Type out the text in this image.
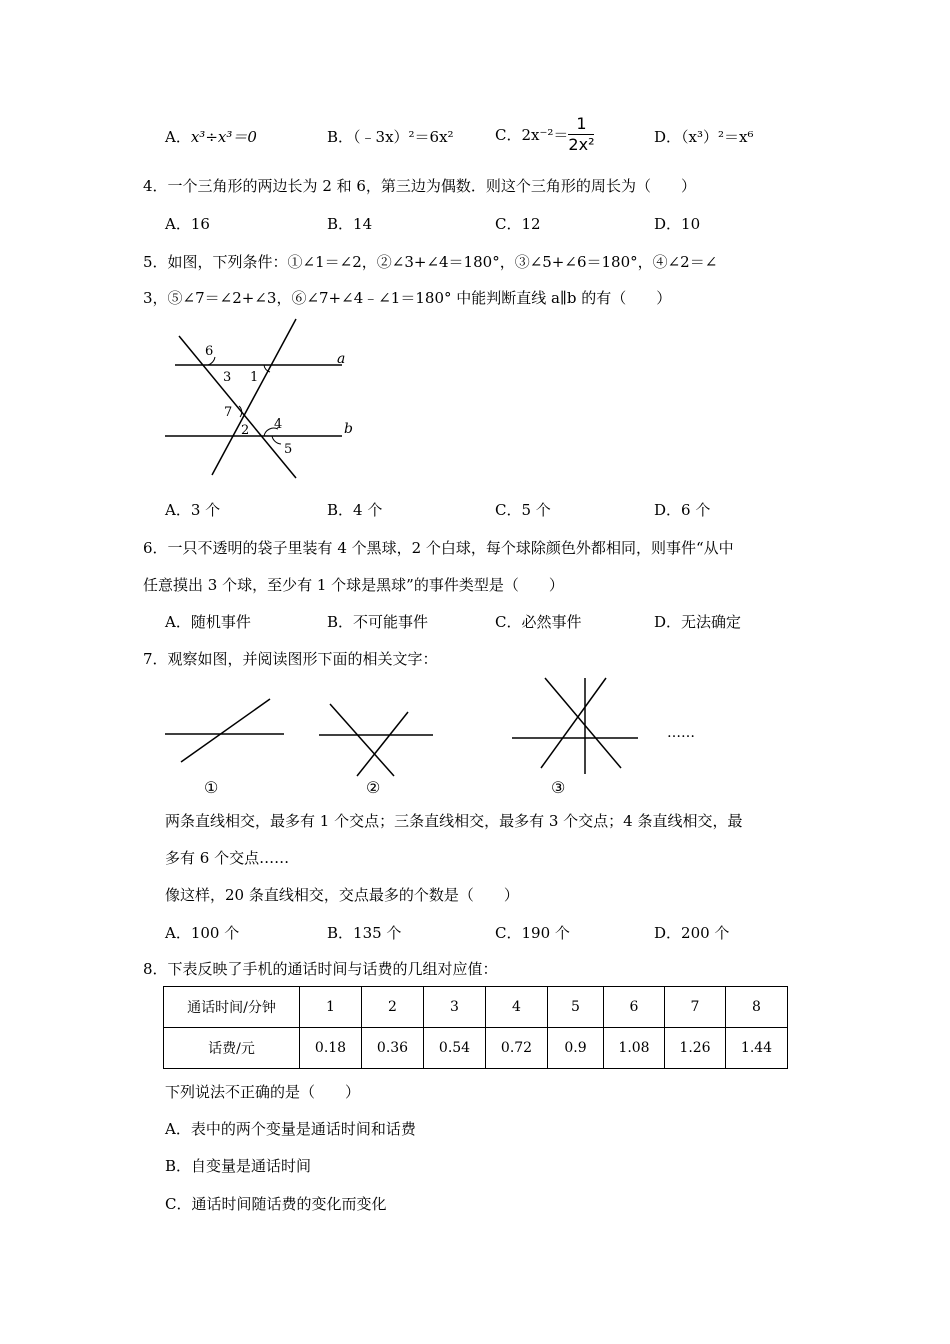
A．x³÷x³＝0	B．（﹣3x）²＝6x²	C．$2x^{-2}= \frac{1}{\text{2x²}}$	D．（x³）²＝x⁶
4．一个三角形的两边长为 2 和 6，第三边为偶数．则这个三角形的周长为（　　）
A．16	B．14	C．12	D．10
5．如图，下列条件：①∠1＝∠2，②∠3+∠4＝180°，③∠5+∠6＝180°，④∠2＝∠
3，⑤∠7＝∠2+∠3，⑥∠7+∠4﹣∠1＝180° 中能判断直线 a∥b 的有（　　）
6
3 1
7
2 4
5
a
b
A．3 个	B．4 个	C．5 个	D．6 个
6．一只不透明的袋子里装有 4 个黑球，2 个白球，每个球除颜色外都相同，则事件“从中
任意摸出 3 个球，至少有 1 个球是黑球”的事件类型是（　　）
A．随机事件	B．不可能事件	C．必然事件	D．无法确定
7．观察如图，并阅读图形下面的相关文字：
①	②	③
……
两条直线相交，最多有 1 个交点；三条直线相交，最多有 3 个交点；4 条直线相交，最
多有 6 个交点……
像这样，20 条直线相交，交点最多的个数是（　　）
A．100 个	B．135 个	C．190 个	D．200 个
8．下表反映了手机的通话时间与话费的几组对应值：
通话时间/分钟	1	2	3	4	5	6	7	8
话费/元	0.18	0.36	0.54	0.72	0.9	1.08	1.26	1.44
下列说法不正确的是（　　）
A．表中的两个变量是通话时间和话费
B．自变量是通话时间
C．通话时间随话费的变化而变化
